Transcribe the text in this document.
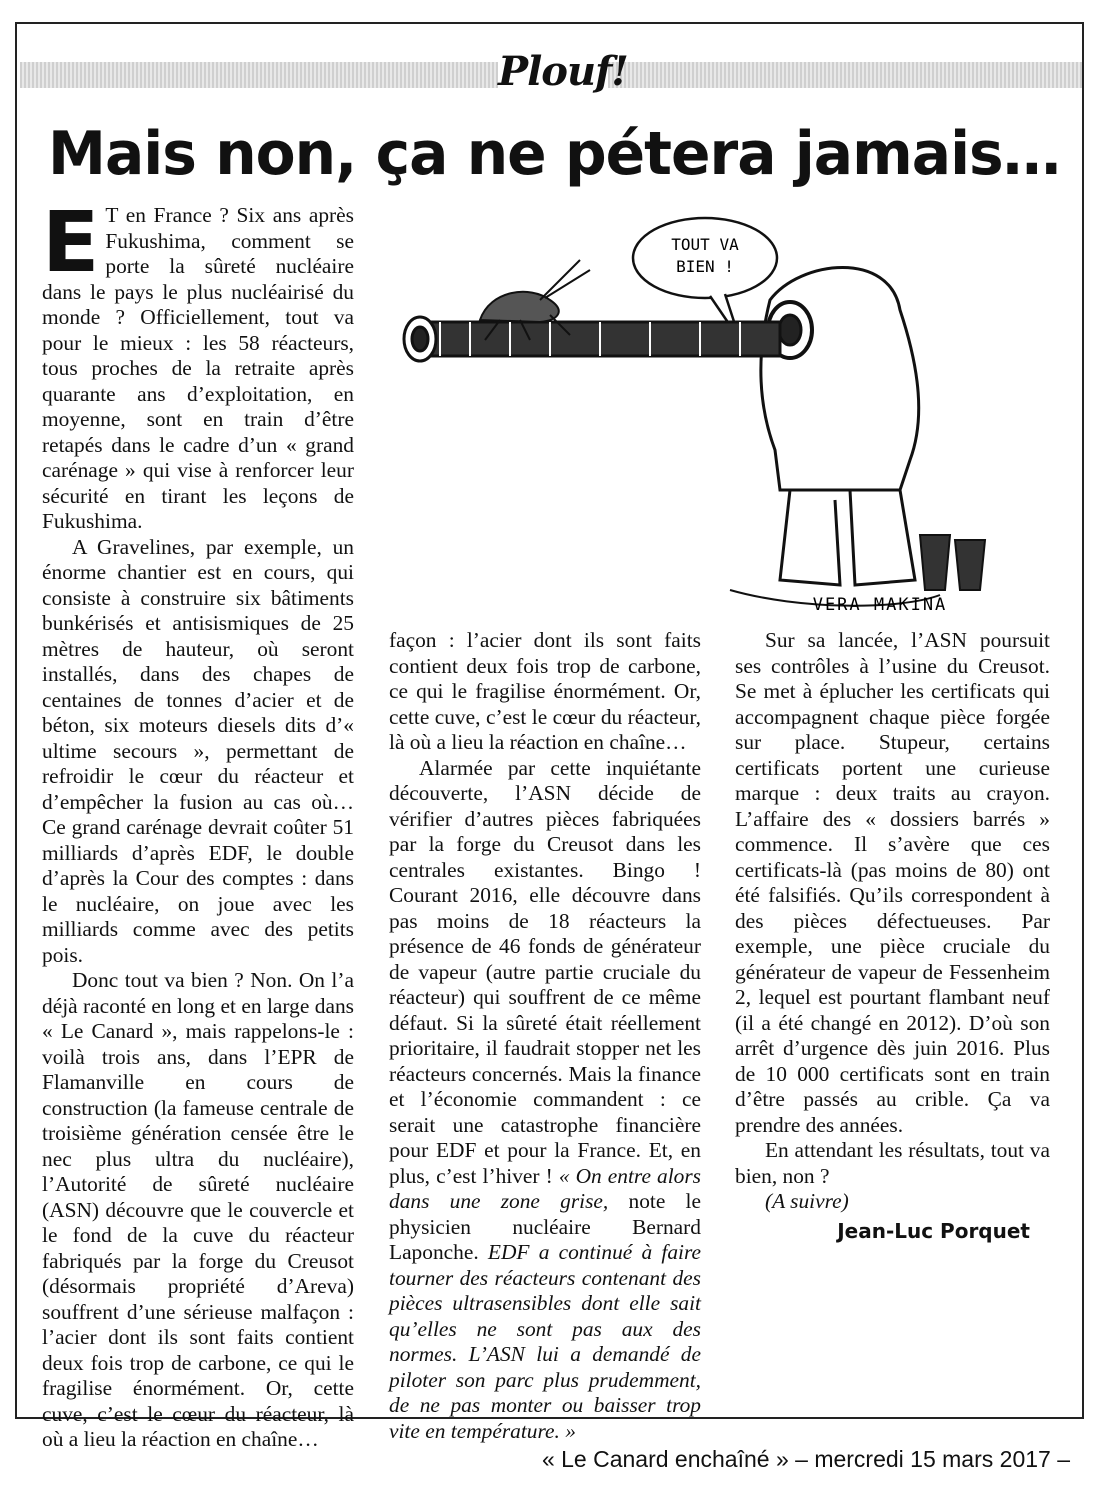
Plouf!
Mais non, ça ne pétera jamais…
TOUT VA
BIEN !
VERA MAKINA

E T en France ? Six ans après Fukushima, comment se porte la sûreté nucléaire dans le pays le plus nucléairisé du monde ? Officiellement, tout va pour le mieux : les 58 réacteurs, tous proches de la retraite après quarante ans d’exploitation, en moyenne, sont en train d’être retapés dans le cadre d’un « grand carénage » qui vise à renforcer leur sécurité en tirant les leçons de Fukushima.

A Gravelines, par exemple, un énorme chantier est en cours, qui consiste à construire six bâtiments bunkérisés et antisismiques de 25 mètres de hauteur, où seront installés, dans des chapes de centaines de tonnes d’acier et de béton, six moteurs diesels dits d’« ultime secours », permettant de refroidir le cœur du réacteur et d’empêcher la fusion au cas où… Ce grand carénage devrait coûter 51 milliards d’après EDF, le double d’après la Cour des comptes : dans le nucléaire, on joue avec les milliards comme avec des petits pois.

Donc tout va bien ? Non. On l’a déjà raconté en long et en large dans « Le Canard », mais rappelons-le : voilà trois ans, dans l’EPR de Flamanville en cours de construction (la fameuse centrale de troisième génération censée être le nec plus ultra du nucléaire), l’Autorité de sûreté nucléaire (ASN) découvre que le couvercle et le fond de la cuve du réacteur fabriqués par la forge du Creusot (désormais propriété d’Areva) souffrent d’une sérieuse malfaçon : l’acier dont ils sont faits contient deux fois trop de carbone, ce qui le fragilise énormément. Or, cette cuve, c’est le cœur du réacteur, là où a lieu la réaction en chaîne…

façon : l’acier dont ils sont faits contient deux fois trop de carbone, ce qui le fragilise énormément. Or, cette cuve, c’est le cœur du réacteur, là où a lieu la réaction en chaîne…

Alarmée par cette inquiétante découverte, l’ASN décide de vérifier d’autres pièces fabriquées par la forge du Creusot dans les centrales existantes. Bingo ! Courant 2016, elle découvre dans pas moins de 18 réacteurs la présence de 46 fonds de générateur de vapeur (autre partie cruciale du réacteur) qui souffrent de ce même défaut. Si la sûreté était réellement prioritaire, il faudrait stopper net les réacteurs concernés. Mais la finance et l’économie commandent : ce serait une catastrophe financière pour EDF et pour la France. Et, en plus, c’est l’hiver ! « On entre alors dans une zone grise, note le physicien nucléaire Bernard Laponche. EDF a continué à faire tourner des réacteurs contenant des pièces ultrasensibles dont elle sait qu’elles ne sont pas aux des normes. L’ASN lui a demandé de piloter son parc plus prudemment, de ne pas monter ou baisser trop vite en température. »

Sur sa lancée, l’ASN poursuit ses contrôles à l’usine du Creusot. Se met à éplucher les certificats qui accompagnent chaque pièce forgée sur place. Stupeur, certains certificats portent une curieuse marque : deux traits au crayon. L’affaire des « dossiers barrés » commence. Il s’avère que ces certificats-là (pas moins de 80) ont été falsifiés. Qu’ils correspondent à des pièces défectueuses. Par exemple, une pièce cruciale du générateur de vapeur de Fessenheim 2, lequel est pourtant flambant neuf (il a été changé en 2012). D’où son arrêt d’urgence dès juin 2016. Plus de 10 000 certificats sont en train d’être passés au crible. Ça va prendre des années.

En attendant les résultats, tout va bien, non ?

(A suivre)
Jean-Luc Porquet
« Le Canard enchaîné » – mercredi 15 mars 2017 –
